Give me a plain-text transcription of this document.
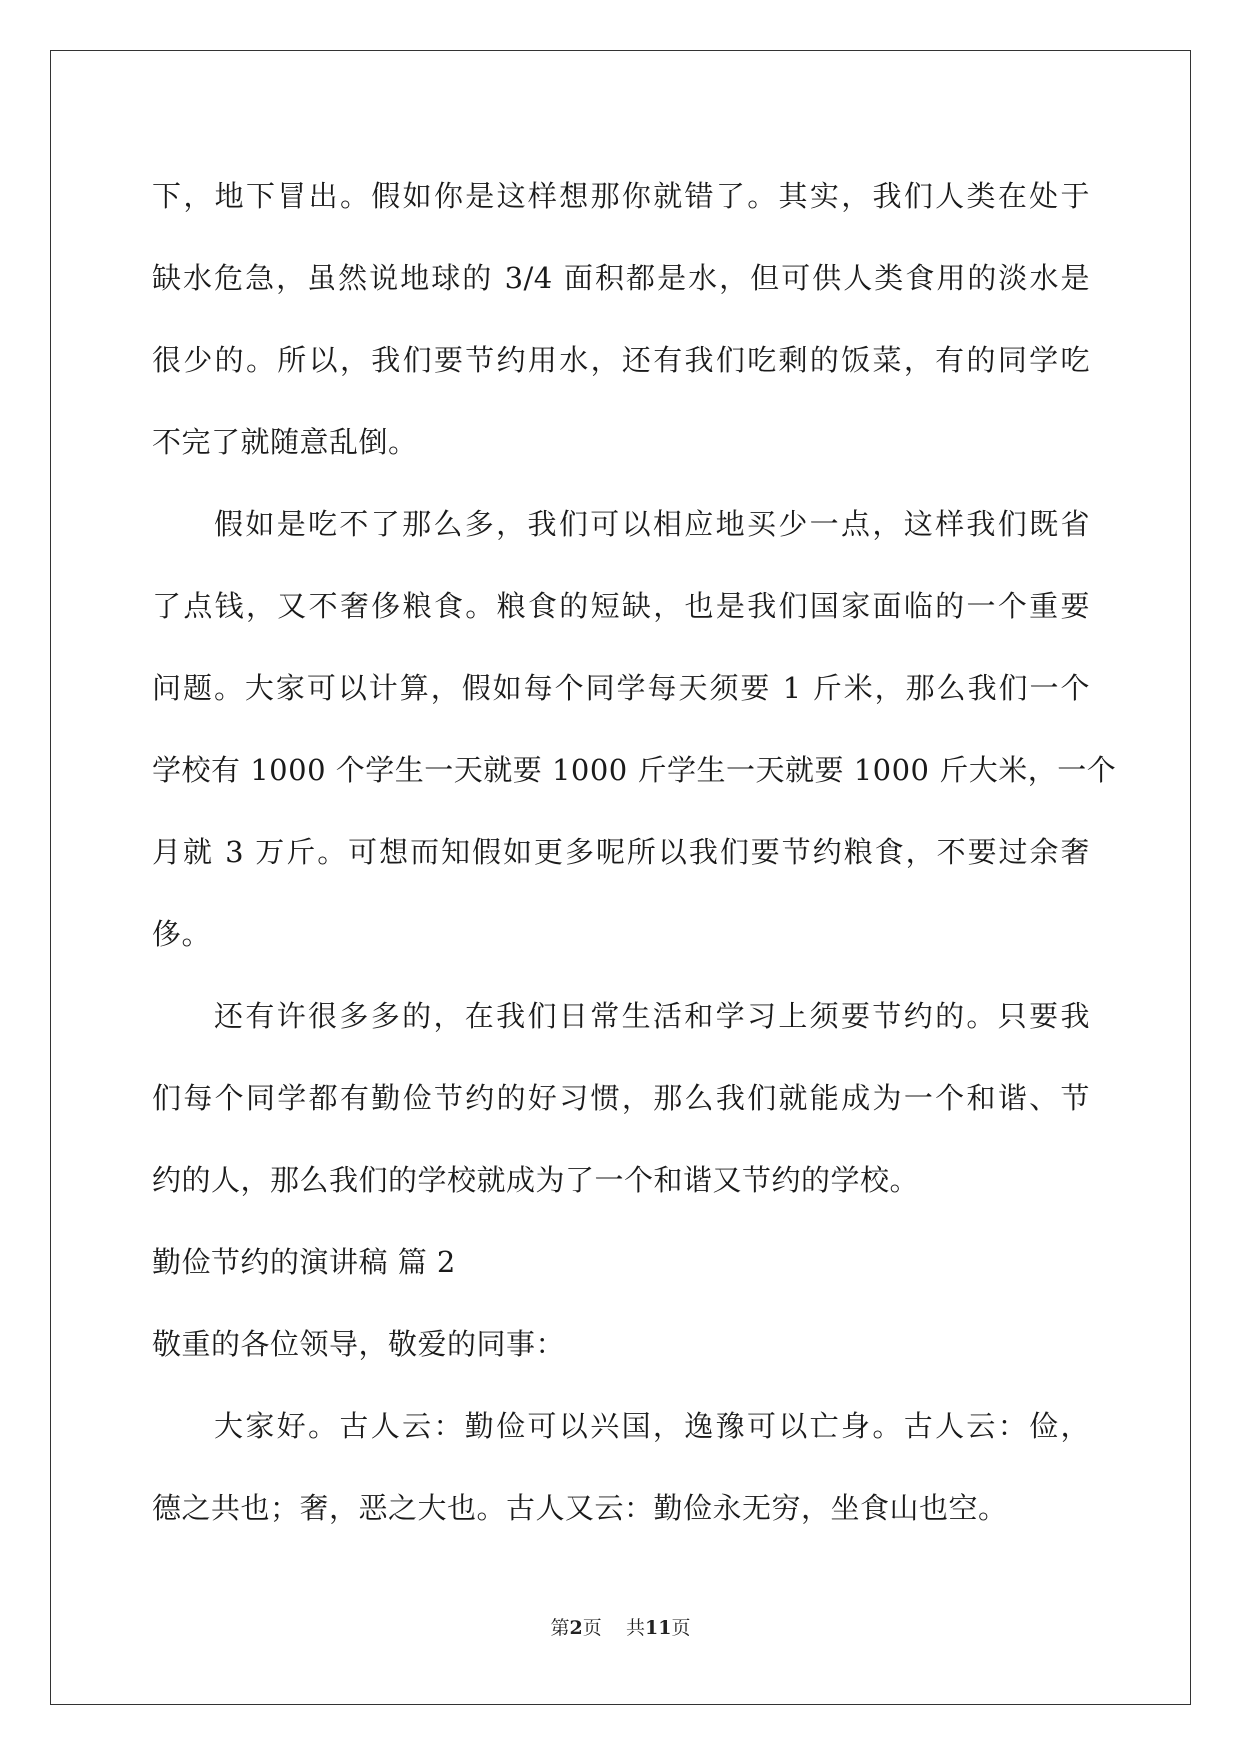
下，地下冒出。假如你是这样想那你就错了。其实，我们人类在处于
缺水危急，虽然说地球的 3/4 面积都是水，但可供人类食用的淡水是
很少的。所以，我们要节约用水，还有我们吃剩的饭菜，有的同学吃
不完了就随意乱倒。
假如是吃不了那么多，我们可以相应地买少一点，这样我们既省
了点钱，又不奢侈粮食。粮食的短缺，也是我们国家面临的一个重要
问题。大家可以计算，假如每个同学每天须要 1 斤米，那么我们一个
学校有 1000 个学生一天就要 1000 斤学生一天就要 1000 斤大米，一个
月就 3 万斤。可想而知假如更多呢所以我们要节约粮食，不要过余奢
侈。
还有许很多多的，在我们日常生活和学习上须要节约的。只要我
们每个同学都有勤俭节约的好习惯，那么我们就能成为一个和谐、节
约的人，那么我们的学校就成为了一个和谐又节约的学校。
勤俭节约的演讲稿 篇 2
敬重的各位领导，敬爱的同事：
大家好。古人云：勤俭可以兴国，逸豫可以亡身。古人云：俭，
德之共也；奢，恶之大也。古人又云：勤俭永无穷，坐食山也空。
第2页 共11页
